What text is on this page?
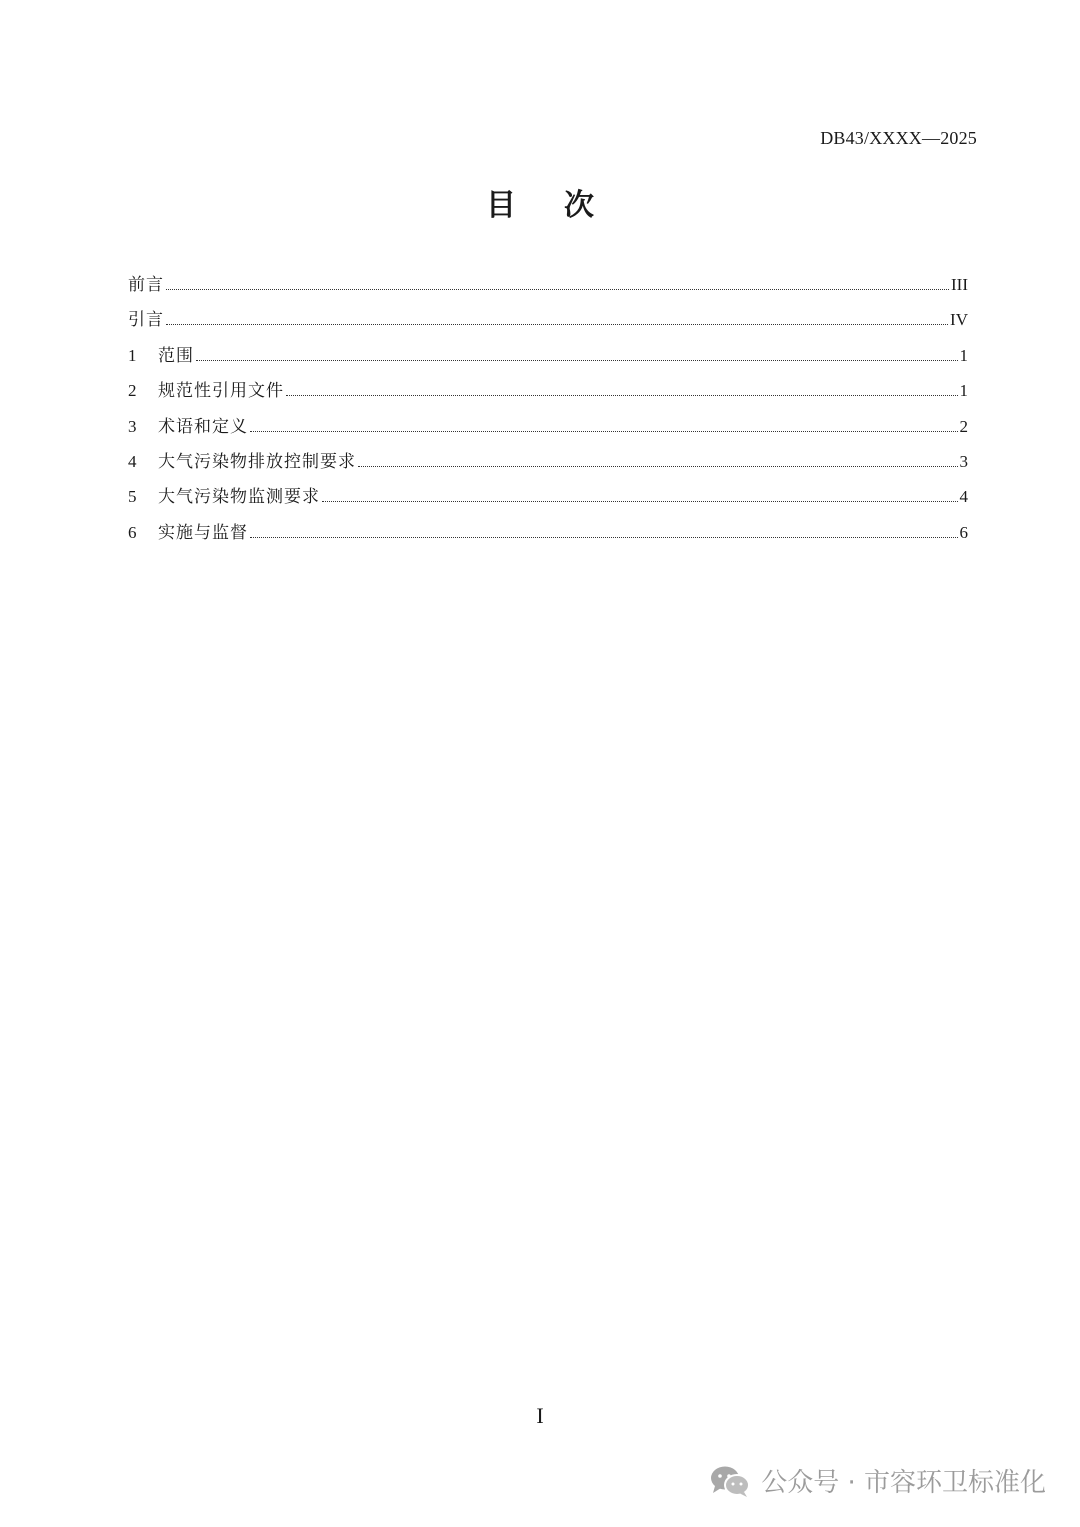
DB43/XXXX—2025
目 次
前言	III
引言	IV
1	范围	1
2	规范性引用文件	1
3	术语和定义	2
4	大气污染物排放控制要求	3
5	大气污染物监测要求	4
6	实施与监督	6
I
公众号 · 市容环卫标准化
